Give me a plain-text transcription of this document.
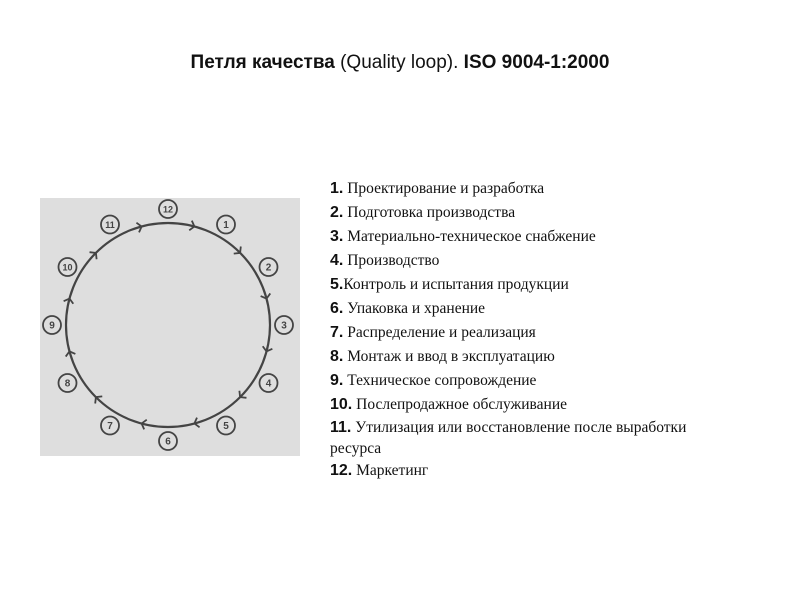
Петля качества (Quality loop). ISO 9004-1:2000
12
1
2
3
4
5
6
7
8
9
10
11
1. Проектирование и разработка
2. Подготовка производства
3. Материально-техническое снабжение
4. Производство
5.Контроль и испытания продукции
6. Упаковка и хранение
7. Распределение и реализация
8. Монтаж и ввод в эксплуатацию
9. Техническое сопровождение
10. Послепродажное обслуживание
11. Утилизация или восстановление после выработки ресурса
12. Маркетинг
